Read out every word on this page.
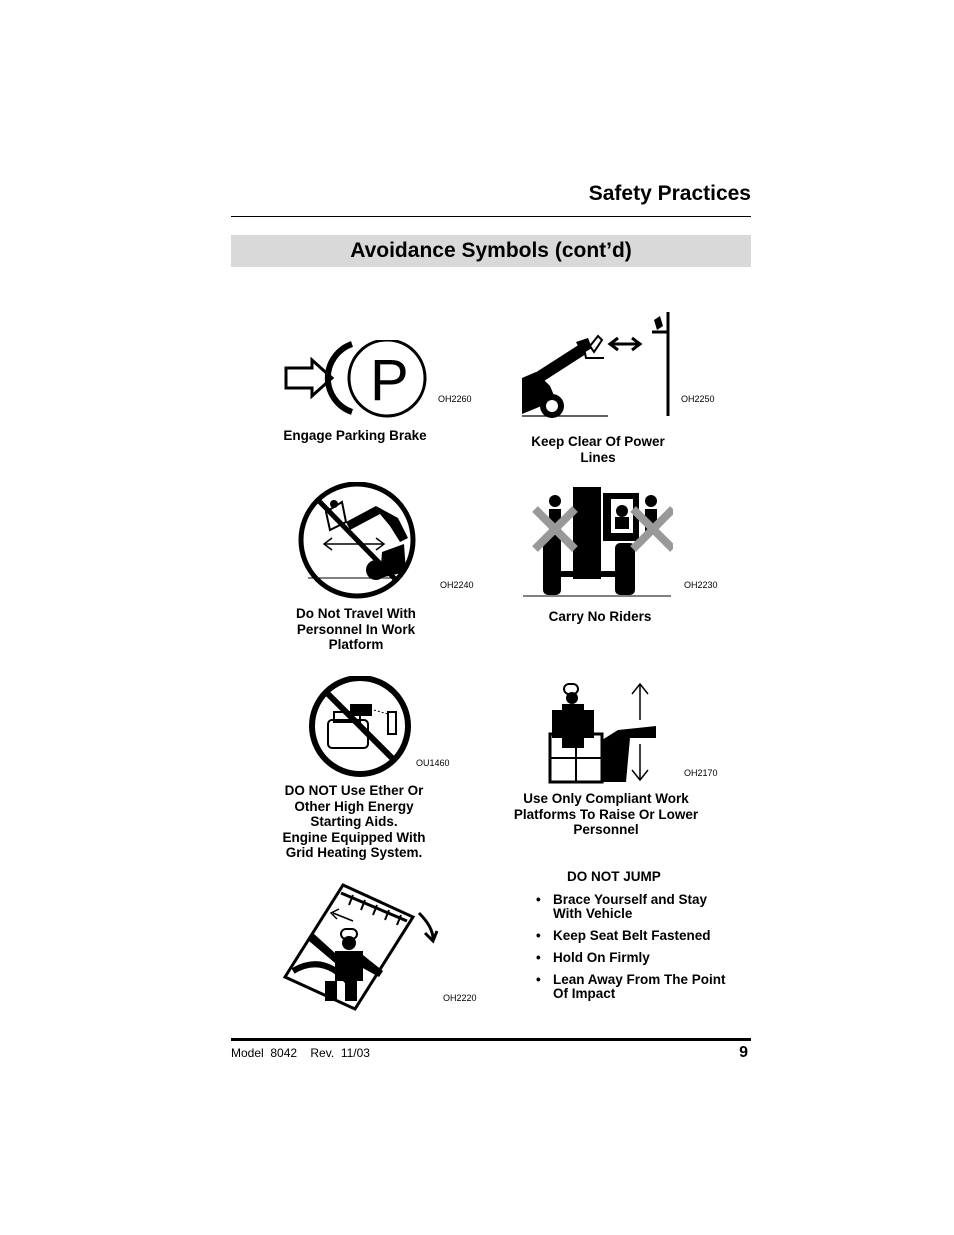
Safety Practices
Avoidance Symbols (cont’d)
P	OH2260
Engage Parking Brake
OH2250
Keep Clear Of Power
Lines
OH2240
Do Not Travel With
Personnel In Work
Platform
OH2230
Carry No Riders
OU1460
DO NOT Use Ether Or
Other High Energy
Starting Aids.
Engine Equipped With
Grid Heating System.
OH2170
Use Only Compliant Work
Platforms To Raise Or Lower
Personnel
OH2220
DO NOT JUMP
• Brace Yourself and Stay
With Vehicle
• Keep Seat Belt Fastened
• Hold On Firmly
• Lean Away From The Point
Of Impact
Model  8042    Rev.  11/03	9
